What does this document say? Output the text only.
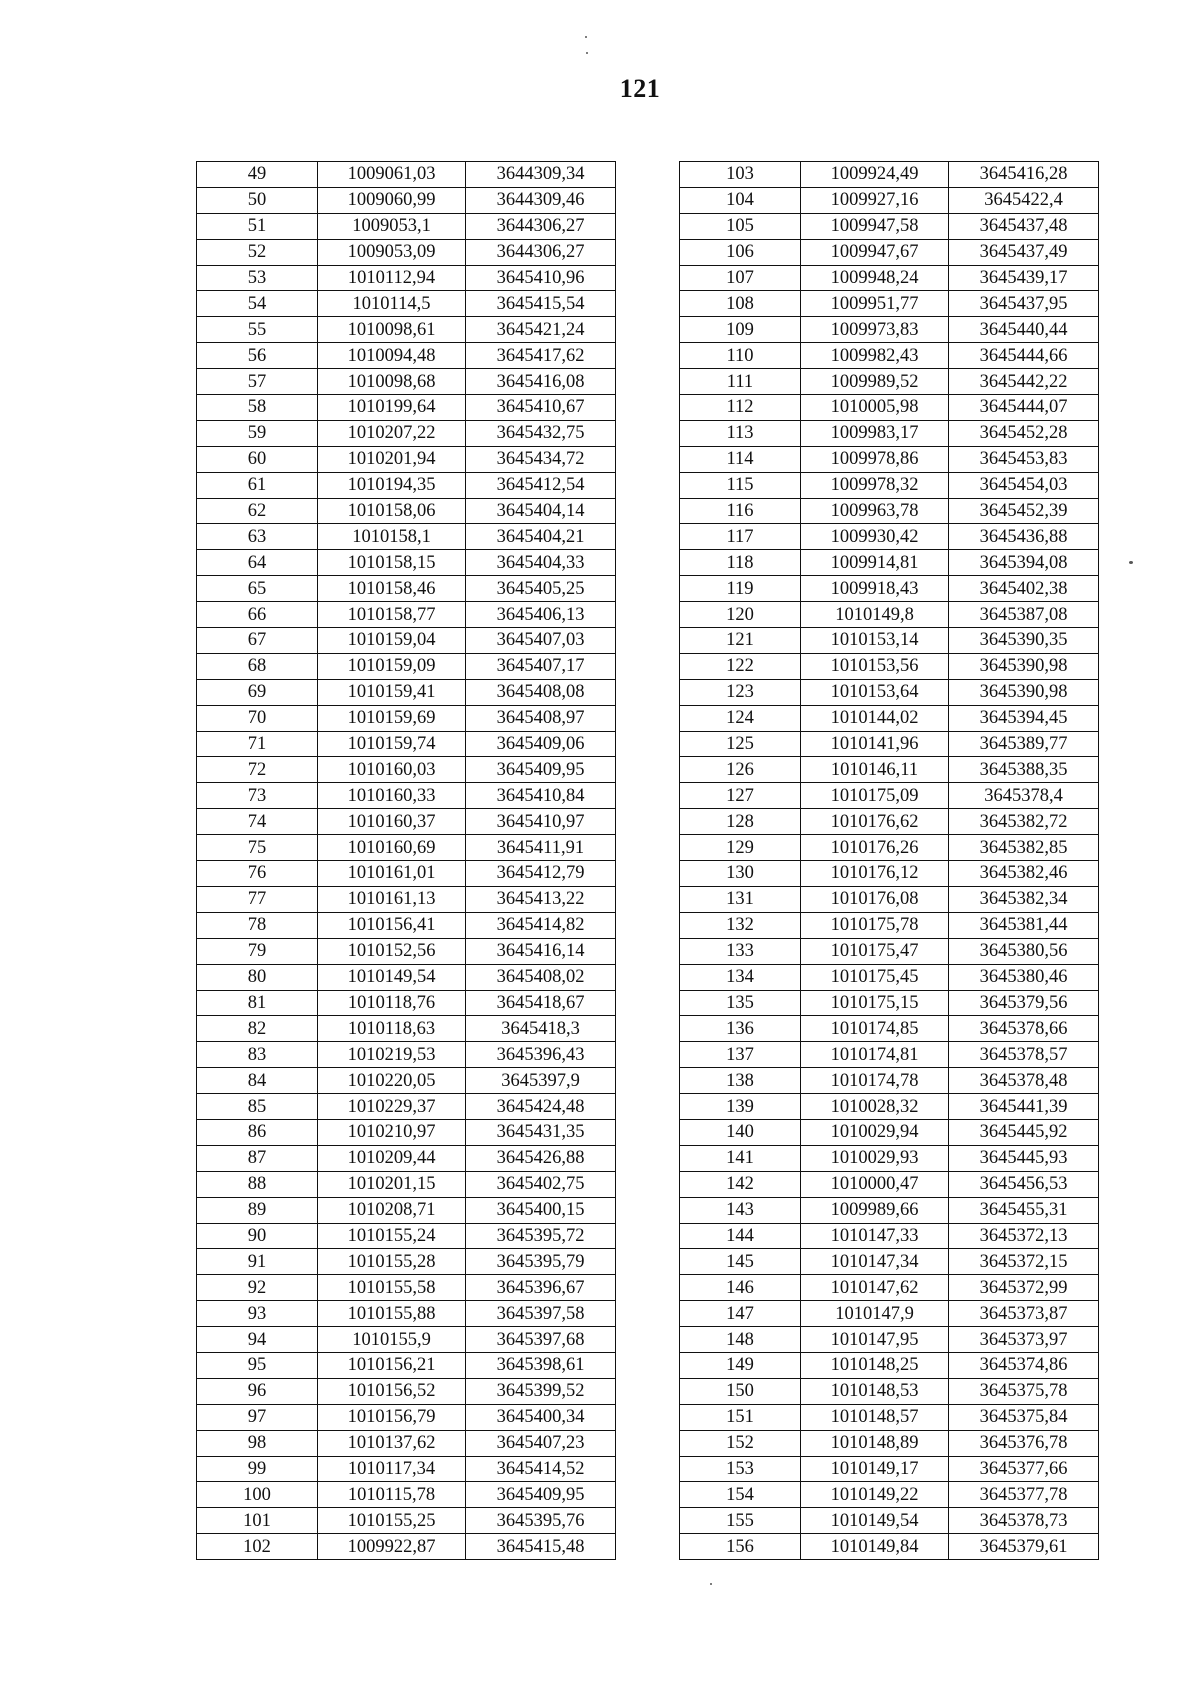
121
49	1009061,03	3644309,34
50	1009060,99	3644309,46
51	1009053,1	3644306,27
52	1009053,09	3644306,27
53	1010112,94	3645410,96
54	1010114,5	3645415,54
55	1010098,61	3645421,24
56	1010094,48	3645417,62
57	1010098,68	3645416,08
58	1010199,64	3645410,67
59	1010207,22	3645432,75
60	1010201,94	3645434,72
61	1010194,35	3645412,54
62	1010158,06	3645404,14
63	1010158,1	3645404,21
64	1010158,15	3645404,33
65	1010158,46	3645405,25
66	1010158,77	3645406,13
67	1010159,04	3645407,03
68	1010159,09	3645407,17
69	1010159,41	3645408,08
70	1010159,69	3645408,97
71	1010159,74	3645409,06
72	1010160,03	3645409,95
73	1010160,33	3645410,84
74	1010160,37	3645410,97
75	1010160,69	3645411,91
76	1010161,01	3645412,79
77	1010161,13	3645413,22
78	1010156,41	3645414,82
79	1010152,56	3645416,14
80	1010149,54	3645408,02
81	1010118,76	3645418,67
82	1010118,63	3645418,3
83	1010219,53	3645396,43
84	1010220,05	3645397,9
85	1010229,37	3645424,48
86	1010210,97	3645431,35
87	1010209,44	3645426,88
88	1010201,15	3645402,75
89	1010208,71	3645400,15
90	1010155,24	3645395,72
91	1010155,28	3645395,79
92	1010155,58	3645396,67
93	1010155,88	3645397,58
94	1010155,9	3645397,68
95	1010156,21	3645398,61
96	1010156,52	3645399,52
97	1010156,79	3645400,34
98	1010137,62	3645407,23
99	1010117,34	3645414,52
100	1010115,78	3645409,95
101	1010155,25	3645395,76
102	1009922,87	3645415,48
103	1009924,49	3645416,28
104	1009927,16	3645422,4
105	1009947,58	3645437,48
106	1009947,67	3645437,49
107	1009948,24	3645439,17
108	1009951,77	3645437,95
109	1009973,83	3645440,44
110	1009982,43	3645444,66
111	1009989,52	3645442,22
112	1010005,98	3645444,07
113	1009983,17	3645452,28
114	1009978,86	3645453,83
115	1009978,32	3645454,03
116	1009963,78	3645452,39
117	1009930,42	3645436,88
118	1009914,81	3645394,08
119	1009918,43	3645402,38
120	1010149,8	3645387,08
121	1010153,14	3645390,35
122	1010153,56	3645390,98
123	1010153,64	3645390,98
124	1010144,02	3645394,45
125	1010141,96	3645389,77
126	1010146,11	3645388,35
127	1010175,09	3645378,4
128	1010176,62	3645382,72
129	1010176,26	3645382,85
130	1010176,12	3645382,46
131	1010176,08	3645382,34
132	1010175,78	3645381,44
133	1010175,47	3645380,56
134	1010175,45	3645380,46
135	1010175,15	3645379,56
136	1010174,85	3645378,66
137	1010174,81	3645378,57
138	1010174,78	3645378,48
139	1010028,32	3645441,39
140	1010029,94	3645445,92
141	1010029,93	3645445,93
142	1010000,47	3645456,53
143	1009989,66	3645455,31
144	1010147,33	3645372,13
145	1010147,34	3645372,15
146	1010147,62	3645372,99
147	1010147,9	3645373,87
148	1010147,95	3645373,97
149	1010148,25	3645374,86
150	1010148,53	3645375,78
151	1010148,57	3645375,84
152	1010148,89	3645376,78
153	1010149,17	3645377,66
154	1010149,22	3645377,78
155	1010149,54	3645378,73
156	1010149,84	3645379,61
